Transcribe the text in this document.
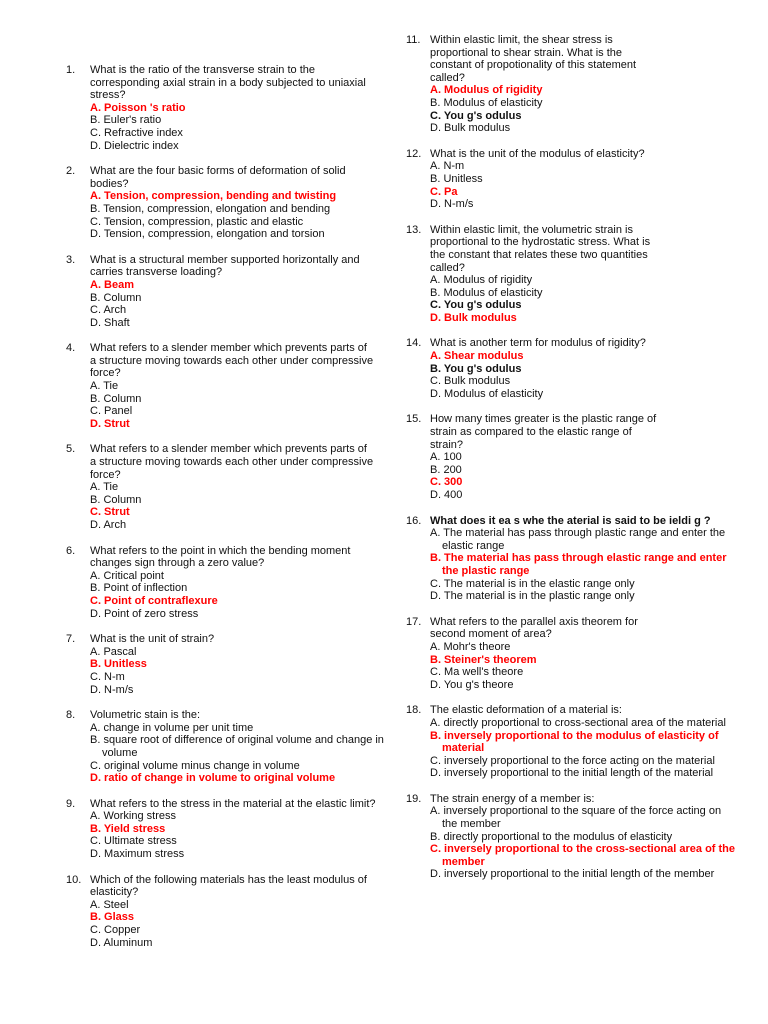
1. What is the ratio of the transverse strain to the corresponding axial strain in a body subjected to uniaxial stress?

A. Poisson 's ratio

B. Euler's ratio

C. Refractive index

D. Dielectric index

2. What are the four basic forms of deformation of solid bodies?

A. Tension, compression, bending and twisting

B. Tension, compression, elongation and bending

C. Tension, compression, plastic and elastic

D. Tension, compression, elongation and torsion

3. What is a structural member supported horizontally and carries transverse loading?

A. Beam

B. Column

C. Arch

D. Shaft

4. What refers to a slender member which prevents parts of a structure moving towards each other under compressive force?

A. Tie

B. Column

C. Panel

D. Strut

5. What refers to a slender member which prevents parts of a structure moving towards each other under compressive force?

A. Tie

B. Column

C. Strut

D. Arch

6. What refers to the point in which the bending moment changes sign through a zero value?

A. Critical point

B. Point of inflection

C. Point of contraflexure

D. Point of zero stress

7. What is the unit of strain?

A. Pascal

B. Unitless

C. N-m

D. N-m/s

8. Volumetric stain is the:

A. change in volume per unit time

B. square root of difference of original volume and change in volume

C. original volume minus change in volume

D. ratio of change in volume to original volume

9. What refers to the stress in the material at the elastic limit?

A. Working stress

B. Yield stress

C. Ultimate stress

D. Maximum stress

10. Which of the following materials has the least modulus of elasticity?

A. Steel

B. Glass

C. Copper

D. Aluminum

11. Within elastic limit, the shear stress is proportional to shear strain. What is the constant of propotionality of this statement called?

A. Modulus of rigidity

B. Modulus of elasticity

C. You g's odulus

D. Bulk modulus

12. What is the unit of the modulus of elasticity?

A. N-m

B. Unitless

C. Pa

D. N-m/s

13. Within elastic limit, the volumetric strain is proportional to the hydrostatic stress. What is the constant that relates these two quantities called?

A. Modulus of rigidity

B. Modulus of elasticity

C. You g's odulus

D. Bulk modulus

14. What is another term for modulus of rigidity?

A. Shear modulus

B. You g's odulus

C. Bulk modulus

D. Modulus of elasticity

15. How many times greater is the plastic range of strain as compared to the elastic range of strain?

A. 100

B. 200

C. 300

D. 400

16. What does it ea s whe the aterial is said to be ieldi g ?

A. The material has pass through plastic range and enter the elastic range

B. The material has pass through elastic range and enter the plastic range

C. The material is in the elastic range only

D. The material is in the plastic range only

17. What refers to the parallel axis theorem for second moment of area?

A. Mohr's theore

B. Steiner's theorem

C. Ma well's theore

D. You g's theore

18. The elastic deformation of a material is:

A. directly proportional to cross-sectional area of the material

B. inversely proportional to the modulus of elasticity of material

C. inversely proportional to the force acting on the material

D. inversely proportional to the initial length of the material

19. The strain energy of a member is:

A. inversely proportional to the square of the force acting on the member

B. directly proportional to the modulus of elasticity

C. inversely proportional to the cross-sectional area of the member

D. inversely proportional to the initial length of the member
